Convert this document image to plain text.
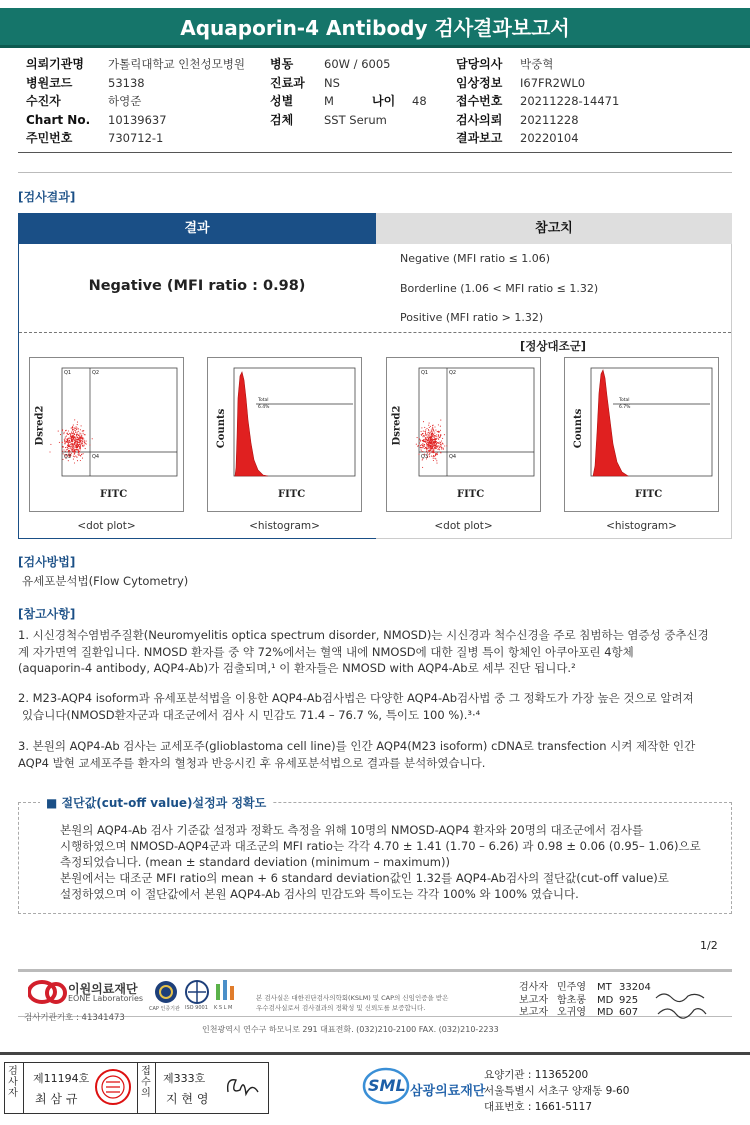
Aquaporin-4 Antibody 검사결과보고서
의뢰기관명 가톨릭대학교 인천성모병원
병원코드	53138
수진자	하영준
Chart No. 10139637
주민번호	730712-1
병동	60W / 6005
진료과 NS
성별	M	나이 48
검체	SST Serum
담당의사 박중혁
임상정보 I67FR2WL0
접수번호 20211228-14471
검사의뢰 20211228
결과보고 20220104
[검사결과]
결과	참고치
Negative (MFI ratio : 0.98)
Negative (MFI ratio ≤ 1.06)
Borderline (1.06 < MFI ratio ≤ 1.32)
Positive (MFI ratio > 1.32)
[정상대조군]
Q1	Q2
Q3	Q4
Dsred2
FITC
<dot plot>
Total
6.4%
Counts
FITC
<histogram>
Q1	Q2
Q3	Q4
Dsred2
FITC
<dot plot>
Total
6.7%
Counts
FITC
<histogram>
[검사방법]
유세포분석법(Flow Cytometry)
[참고사항]
1. 시신경척수염범주질환(Neuromyelitis optica spectrum disorder, NMOSD)는 시신경과 척수신경을 주로 침범하는 염증성 중추신경
계 자가면역 질환입니다. NMOSD 환자를 중 약 72%에서는 혈액 내에 NMOSD에 대한 질병 특이 항체인 아쿠아포린 4항체
(aquaporin-4 antibody, AQP4-Ab)가 검출되며,¹ 이 환자들은 NMOSD with AQP4-Ab로 세부 진단 됩니다.²
2. M23-AQP4 isoform과 유세포분석법을 이용한 AQP4-Ab검사법은 다양한 AQP4-Ab검사법 중 그 정확도가 가장 높은 것으로 알려져
있습니다(NMOSD환자군과 대조군에서 검사 시 민감도 71.4 – 76.7 %, 특이도 100 %).³·⁴
3. 본원의 AQP4-Ab 검사는 교세포주(glioblastoma cell line)를 인간 AQP4(M23 isoform) cDNA로 transfection 시켜 제작한 인간
AQP4 발현 교세포주를 환자의 혈청과 반응시킨 후 유세포분석법으로 결과를 분석하였습니다.
■ 절단값(cut-off value)설정과 정확도
본원의 AQP4-Ab 검사 기준값 설정과 정확도 측정을 위해 10명의 NMOSD-AQP4 환자와 20명의 대조군에서 검사를
시행하였으며 NMOSD-AQP4군과 대조군의 MFI ratio는 각각 4.70 ± 1.41 (1.70 – 6.26) 과 0.98 ± 0.06 (0.95– 1.06)으로
측정되었습니다. (mean ± standard deviation (minimum – maximum))
본원에서는 대조군 MFI ratio의 mean + 6 standard deviation값인 1.32를 AQP4-Ab검사의 절단값(cut-off value)로
설정하였으며 이 절단값에서 본원 AQP4-Ab 검사의 민감도와 특이도는 각각 100% 와 100% 였습니다.
1/2
이원의료재단
EONE Laboratories
검사기관기호 : 41341473
CAP 인증기관 ISO 9001 K S L M
본 검사실은 대한진단검사의학회(KSLM) 및 CAP의 신임인증을 받은
우수검사실로서 검사결과의 정확성 및 신뢰도를 보증합니다.
검사자 민주영 MT 33204
보고자 함초롱 MD 925
보고자 오귀영 MD 607
인천광역시 연수구 하모니로 291 대표전화. (032)210-2100 FAX. (032)210-2233
검사자
제11194호
최 삼 규
접수의
제333호
지 현 영
SML 삼광의료재단
요양기관 : 11365200
서울특별시 서초구 양재동 9-60
대표번호 : 1661-5117
